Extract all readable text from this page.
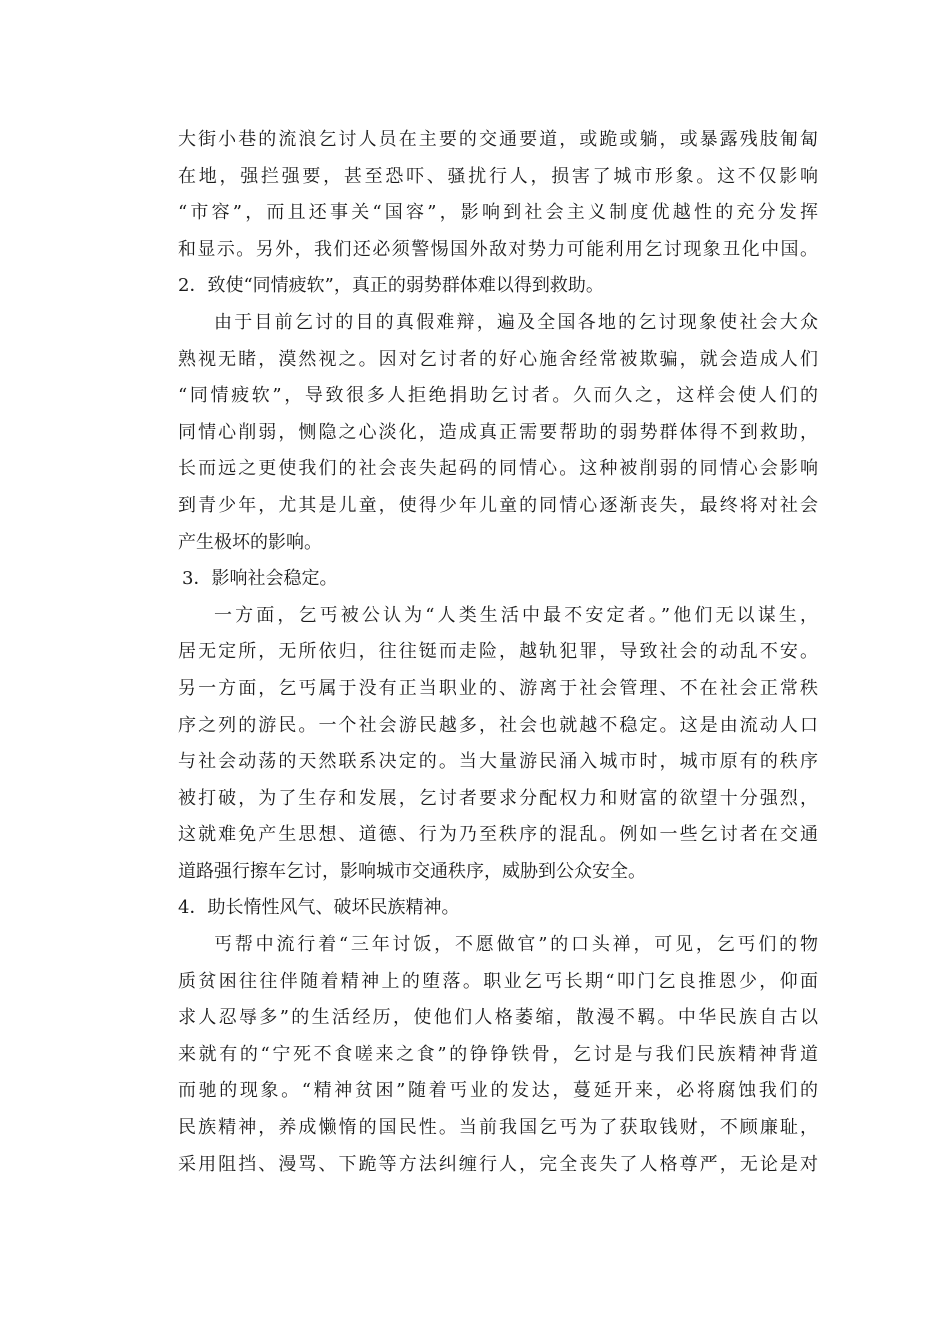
大街小巷的流浪乞讨人员在主要的交通要道，或跪或躺，或暴露残肢匍匐
在地，强拦强要，甚至恐吓、骚扰行人，损害了城市形象。这不仅影响
“市容”，而且还事关“国容”，影响到社会主义制度优越性的充分发挥
和显示。另外，我们还必须警惕国外敌对势力可能利用乞讨现象丑化中国。
2．致使“同情疲软”，真正的弱势群体难以得到救助。
由于目前乞讨的目的真假难辩，遍及全国各地的乞讨现象使社会大众
熟视无睹，漠然视之。因对乞讨者的好心施舍经常被欺骗，就会造成人们
“同情疲软”，导致很多人拒绝捐助乞讨者。久而久之，这样会使人们的
同情心削弱，恻隐之心淡化，造成真正需要帮助的弱势群体得不到救助，
长而远之更使我们的社会丧失起码的同情心。这种被削弱的同情心会影响
到青少年，尤其是儿童，使得少年儿童的同情心逐渐丧失，最终将对社会
产生极坏的影响。
3．影响社会稳定。
一方面，乞丐被公认为“人类生活中最不安定者。”他们无以谋生，
居无定所，无所依归，往往铤而走险，越轨犯罪，导致社会的动乱不安。
另一方面，乞丐属于没有正当职业的、游离于社会管理、不在社会正常秩
序之列的游民。一个社会游民越多，社会也就越不稳定。这是由流动人口
与社会动荡的天然联系决定的。当大量游民涌入城市时，城市原有的秩序
被打破，为了生存和发展，乞讨者要求分配权力和财富的欲望十分强烈，
这就难免产生思想、道德、行为乃至秩序的混乱。例如一些乞讨者在交通
道路强行擦车乞讨，影响城市交通秩序，威胁到公众安全。
4．助长惰性风气、破坏民族精神。
丐帮中流行着“三年讨饭，不愿做官”的口头禅，可见，乞丐们的物
质贫困往往伴随着精神上的堕落。职业乞丐长期“叩门乞良推恩少，仰面
求人忍辱多”的生活经历，使他们人格萎缩，散漫不羁。中华民族自古以
来就有的“宁死不食嗟来之食”的铮铮铁骨，乞讨是与我们民族精神背道
而驰的现象。“精神贫困”随着丐业的发达，蔓延开来，必将腐蚀我们的
民族精神，养成懒惰的国民性。当前我国乞丐为了获取钱财，不顾廉耻，
采用阻挡、漫骂、下跪等方法纠缠行人，完全丧失了人格尊严，无论是对
